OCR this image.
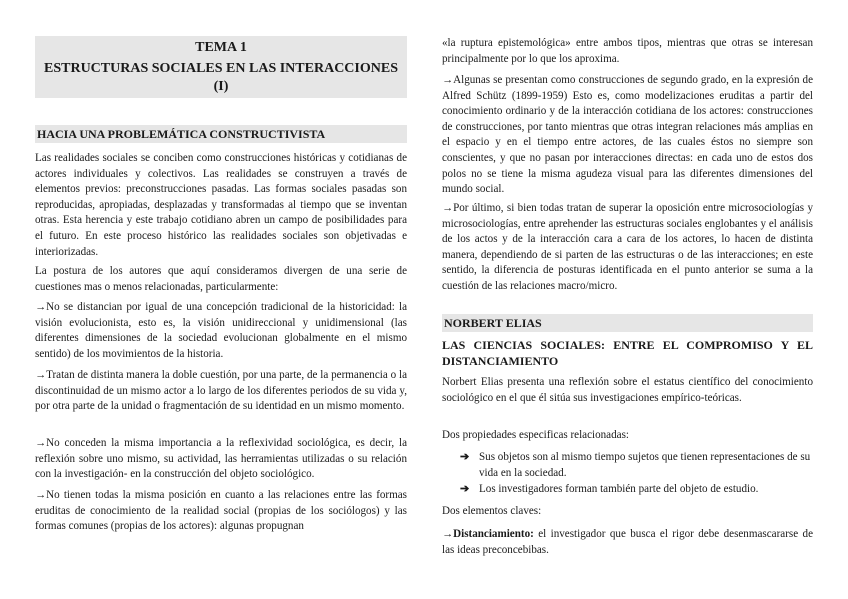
TEMA 1
ESTRUCTURAS SOCIALES EN LAS INTERACCIONES
(I)
HACIA UNA PROBLEMÁTICA CONSTRUCTIVISTA

Las realidades sociales se conciben como construcciones históricas y cotidianas de actores individuales y colectivos. Las realidades se construyen a través de elementos previos: preconstrucciones pasadas. Las formas sociales pasadas son reproducidas, apropiadas, desplazadas y transformadas al tiempo que se inventan otras. Esta herencia y este trabajo cotidiano abren un campo de posibilidades para el futuro. En este proceso histórico las realidades sociales son objetivadas e interiorizadas.

La postura de los autores que aquí consideramos divergen de una serie de cuestiones mas o menos relacionadas, particularmente:

→No se distancian por igual de una concepción tradicional de la historicidad: la visión evolucionista, esto es, la visión unidireccional y unidimensional (las diferentes dimensiones de la sociedad evolucionan globalmente en el mismo sentido) de los movimientos de la historia.

→Tratan de distinta manera la doble cuestión, por una parte, de la permanencia o la discontinuidad de un mismo actor a lo largo de los diferentes periodos de su vida y, por otra parte de la unidad o fragmentación de su identidad en un mismo momento.

→No conceden la misma importancia a la reflexividad sociológica, es decir, la reflexión sobre uno mismo, su actividad, las herramientas utilizadas o su relación con la investigación- en la construcción del objeto sociológico.

→No tienen todas la misma posición en cuanto a las relaciones entre las formas eruditas de conocimiento de la realidad social (propias de los sociólogos) y las formas comunes (propias de los actores): algunas propugnan

«la ruptura epistemológica» entre ambos tipos, mientras que otras se interesan principalmente por lo que los aproxima.

→Algunas se presentan como construcciones de segundo grado, en la expresión de Alfred Schütz (1899-1959) Esto es, como modelizaciones eruditas a partir del conocimiento ordinario y de la interacción cotidiana de los actores: construcciones de construcciones, por tanto mientras que otras integran relaciones más amplias en el espacio y en el tiempo entre actores, de las cuales éstos no siempre son conscientes, y que no pasan por interacciones directas: en cada uno de estos dos polos no se tiene la misma agudeza visual para las diferentes dimensiones del mundo social.

→Por último, si bien todas tratan de superar la oposición entre microsociologías y microsociologías, entre aprehender las estructuras sociales englobantes y el análisis de los actos y de la interacción cara a cara de los actores, lo hacen de distinta manera, dependiendo de si parten de las estructuras o de las interacciones; en este sentido, la diferencia de posturas identificada en el punto anterior se suma a la cuestión de las relaciones macro/micro.

NORBERT ELIAS

LAS CIENCIAS SOCIALES: ENTRE EL COMPROMISO Y EL DISTANCIAMIENTO

Norbert Elias presenta una reflexión sobre el estatus científico del conocimiento sociológico en el que él sitúa sus investigaciones empírico-teóricas.

Dos propiedades especificas relacionadas:

➔ Sus objetos son al mismo tiempo sujetos que tienen representaciones de su vida en la sociedad.
➔ Los investigadores forman también parte del objeto de estudio.

Dos elementos claves:

→Distanciamiento: el investigador que busca el rigor debe desenmascararse de las ideas preconcebibas.
